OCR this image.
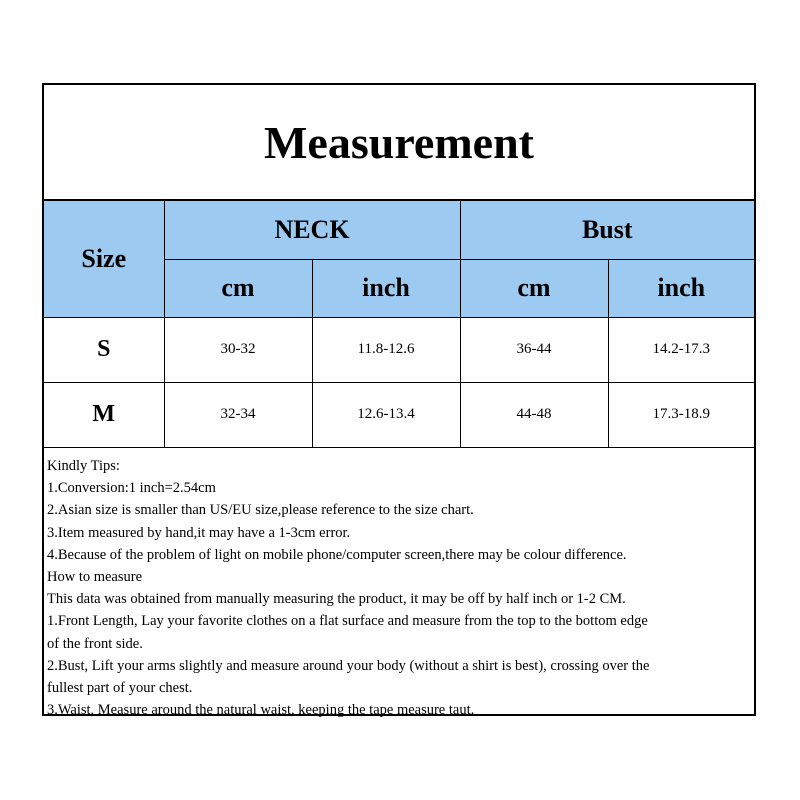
Measurement
Size	NECK		Bust	
	cm	inch	cm	inch
S	30-32	11.8-12.6	36-44	14.2-17.3
M	32-34	12.6-13.4	44-48	17.3-18.9
Kindly Tips:
1.Conversion:1 inch=2.54cm
2.Asian size is smaller than US/EU size,please reference to the size chart.
3.Item measured by hand,it may have a 1-3cm error.
4.Because of the problem of light on mobile phone/computer screen,there may be colour difference.
How to measure
This data was obtained from manually measuring the product, it may be off by half inch or 1-2 CM.
1.Front Length, Lay your favorite clothes on a flat surface and measure from the top to the bottom edge
of the front side.
2.Bust, Lift your arms slightly and measure around your body (without a shirt is best), crossing over the
fullest part of your chest.
3.Waist, Measure around the natural waist, keeping the tape measure taut.
